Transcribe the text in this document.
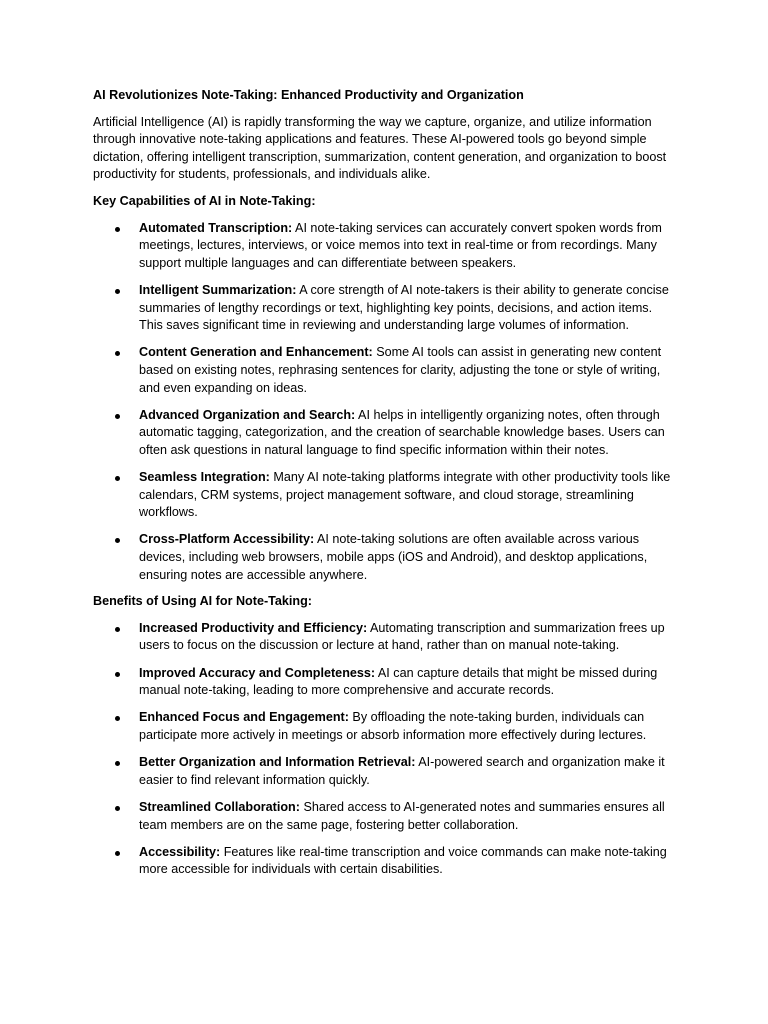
AI Revolutionizes Note-Taking: Enhanced Productivity and Organization

Artificial Intelligence (AI) is rapidly transforming the way we capture, organize, and utilize information through innovative note-taking applications and features. These AI-powered tools go beyond simple dictation, offering intelligent transcription, summarization, content generation, and organization to boost productivity for students, professionals, and individuals alike.

Key Capabilities of AI in Note-Taking:

Automated Transcription: AI note-taking services can accurately convert spoken words from meetings, lectures, interviews, or voice memos into text in real-time or from recordings. Many support multiple languages and can differentiate between speakers.
Intelligent Summarization: A core strength of AI note-takers is their ability to generate concise summaries of lengthy recordings or text, highlighting key points, decisions, and action items. This saves significant time in reviewing and understanding large volumes of information.
Content Generation and Enhancement: Some AI tools can assist in generating new content based on existing notes, rephrasing sentences for clarity, adjusting the tone or style of writing, and even expanding on ideas.
Advanced Organization and Search: AI helps in intelligently organizing notes, often through automatic tagging, categorization, and the creation of searchable knowledge bases. Users can often ask questions in natural language to find specific information within their notes.
Seamless Integration: Many AI note-taking platforms integrate with other productivity tools like calendars, CRM systems, project management software, and cloud storage, streamlining workflows.
Cross-Platform Accessibility: AI note-taking solutions are often available across various devices, including web browsers, mobile apps (iOS and Android), and desktop applications, ensuring notes are accessible anywhere.

Benefits of Using AI for Note-Taking:

Increased Productivity and Efficiency: Automating transcription and summarization frees up users to focus on the discussion or lecture at hand, rather than on manual note-taking.
Improved Accuracy and Completeness: AI can capture details that might be missed during manual note-taking, leading to more comprehensive and accurate records.
Enhanced Focus and Engagement: By offloading the note-taking burden, individuals can participate more actively in meetings or absorb information more effectively during lectures.
Better Organization and Information Retrieval: AI-powered search and organization make it easier to find relevant information quickly.
Streamlined Collaboration: Shared access to AI-generated notes and summaries ensures all team members are on the same page, fostering better collaboration.
Accessibility: Features like real-time transcription and voice commands can make note-taking more accessible for individuals with certain disabilities.
